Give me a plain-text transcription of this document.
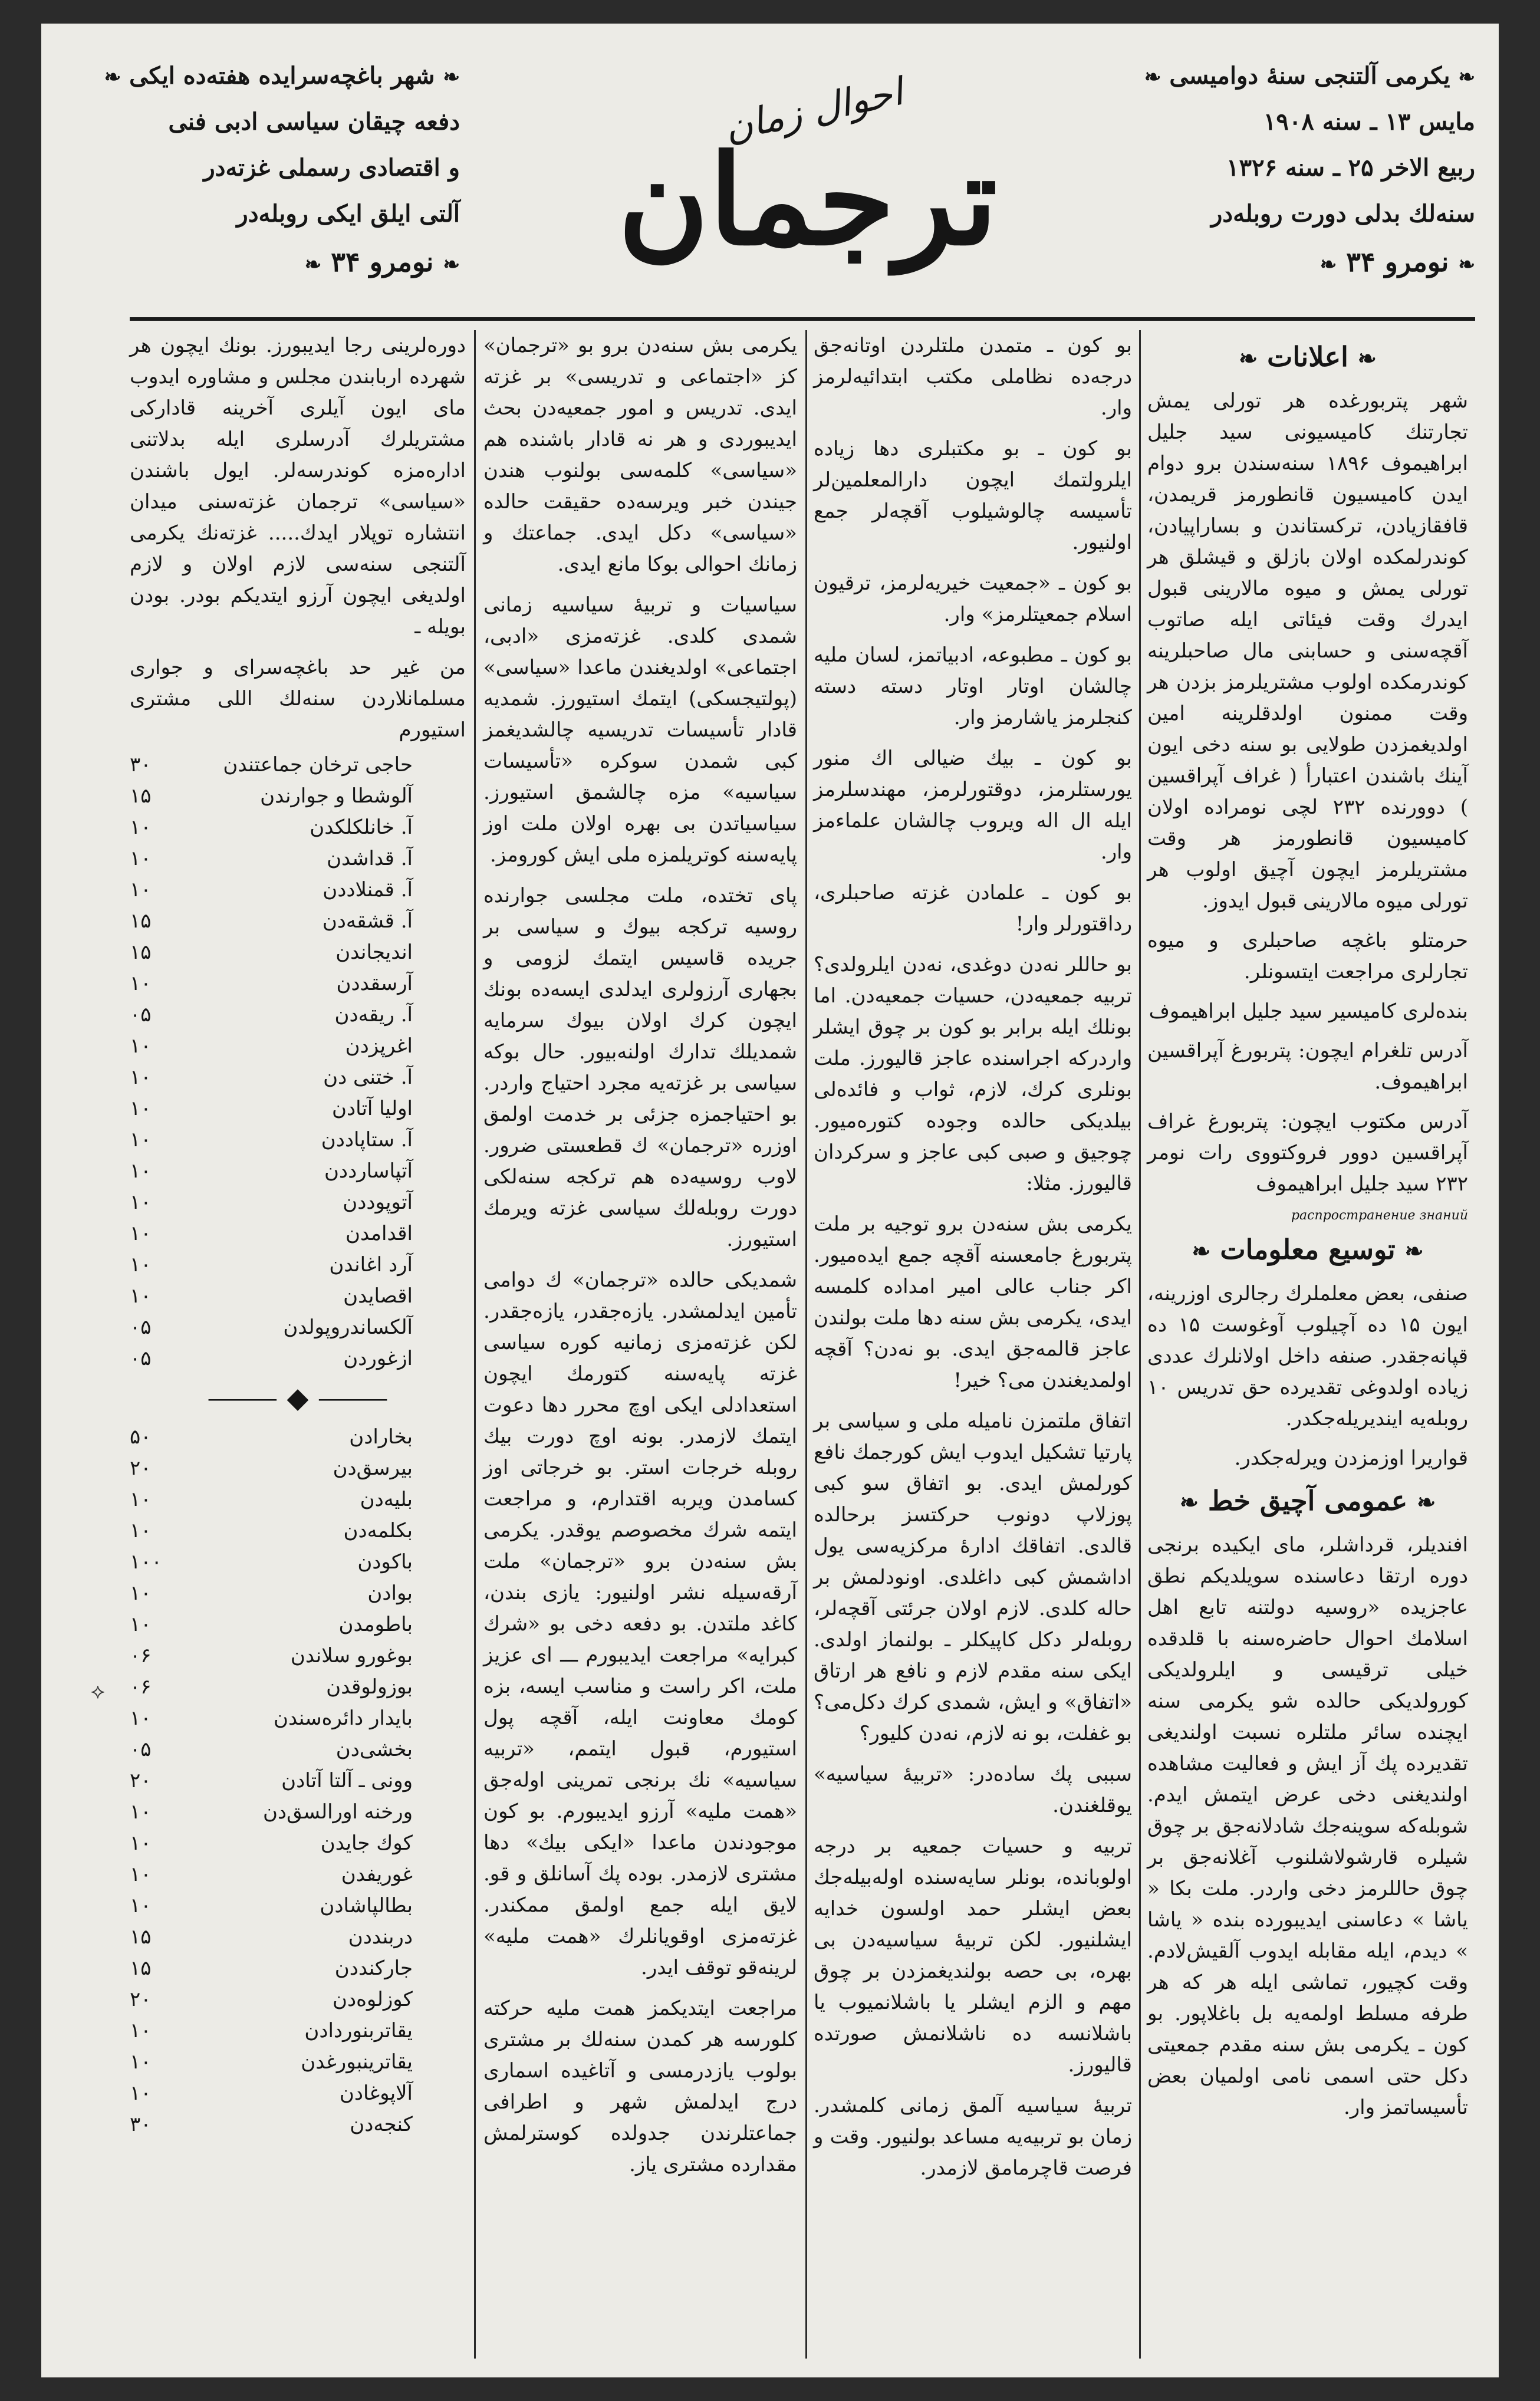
❧ یکرمی آلتنجی سنهٔ دوامیسی ❧
مایس ۱۳ ـ سنه ۱۹۰۸
ربیع الاخر ۲۵ ـ سنه ۱۳۲۶
سنه‌لك بدلی دورت روبله‌در
❧ نومرو ۳۴ ❧
احوال زمان
ترجمان
❧ شهر باغچه‌سرایده هفته‌ده ایکی ❧
دفعه چیقان سیاسی ادبی فنی
و اقتصادی رسملی غزته‌در
آلتی ایلق ایکی روبله‌در
❧ نومرو ۳۴ ❧
❧ اعلانات ❧

شهر پتربورغده هر تورلی یمش تجارتنك کامیسیونی سید جلیل ابراهیموف ۱۸۹۶ سنه‌سندن برو دوام ایدن کامیسیون قانطورمز قریمدن، قافقازیادن، ترکستاندن و بساراپیادن، کوندرلمکده اولان بازلق و قیشلق هر تورلی یمش و میوه مالارینی قبول ایدرك وقت فیئاتی ایله صاتوب آقچه‌سنی و حسابنی مال صاحبلرینه کوندرمکده اولوب مشتریلرمز بزدن هر وقت ممنون اولدقلرینه امین اولدیغمزدن طولایی بو سنه دخی ایون آینك باشندن اعتبارأ ( غراف آپراقسین ) دوورنده ۲۳۲ لچی نومراده اولان کامیسیون قانطورمز هر وقت مشتریلرمز ایچون آچیق اولوب هر تورلی میوه مالارینی قبول ایدوز.

حرمتلو باغچه صاحبلری و میوه تجارلری مراجعت ایتسونلر.

بنده‌لری کامیسیر سید جلیل ابراهیموف

آدرس تلغرام ایچون: پتربورغ آپراقسین ابراهیموف.

آدرس مکتوب ایچون: پتربورغ غراف آپراقسین دوور فروکتووی رات نومر ۲۳۲ سید جلیل ابراهیموف

распространение знаний
❧ توسیع معلومات ❧

صنفی، بعض معلملرك رجالری اوزرینه، ایون ۱۵ ده آچیلوب آوغوست ۱۵ ده قپانه‌جقدر. صنفه داخل اولانلرك عددی زیاده اولدوغی تقدیرده حق تدریس ۱۰ روبله‌یه ایندیریله‌جکدر.

قواریرا اوزمزدن ویرله‌جکدر.

❧ عمومی آچیق خط ❧

افندیلر، قرداشلر، مای ایکیده برنجی دوره ارتقا دعاسنده سویلدیکم نطق عاجزیده «روسیه دولتنه تابع اهل اسلامك احوال حاضره‌سنه با قلدقده خیلی ترقیسی و ایلرولدیکی کورولدیکی حالده شو یکرمی سنه ایچنده سائر ملتلره نسبت اولندیغی تقدیرده پك آز ایش و فعالیت مشاهده اولندیغنی دخی عرض ایتمش ایدم. شوبله‌که سوینه‌جك شادلانه‌جق بر چوق شیلره قارشولاشلنوب آغلانه‌جق بر چوق حاللرمز دخی واردر. ملت بکا « یاشا » دعاسنی ایدیبورده بنده « یاشا » دیدم، ایله مقابله ایدوب آلقیش‌لادم. وقت کچیور، تماشی ایله هر که هر طرفه مسلط اولمه‌یه بل باغلاپور. بو کون ـ یکرمی بش سنه مقدم جمعیتی دکل حتی اسمی نامی اولمیان بعض تأسیساتمز وار.

بو کون ـ متمدن ملتلردن اوتانه‌جق درجه‌ده نظاملی مکتب ابتدائیه‌لرمز وار.

بو کون ـ بو مکتبلری دها زیاده ایلرولتمك ایچون دارالمعلمین‌لر تأسیسه چالوشیلوب آقچه‌لر جمع اولنیور.

بو کون ـ «جمعیت خیریه‌لرمز، ترقیون اسلام جمعیتلرمز» وار.

بو کون ـ مطبوعه، ادبیاتمز، لسان ملیه چالشان اوتار اوتار دسته دسته کنجلرمز یاشارمز وار.

بو کون ـ بیك ضیالی اك منور یورستلرمز، دوقتورلرمز، مهندسلرمز ایله ال اله ویروب چالشان علماء‌مز وار.

بو کون ـ علمادن غزته صاحبلری، رداقتورلر وار!

بو حاللر نه‌دن دوغدی، نه‌دن ایلرولدی؟ تربیه جمعیه‌دن، حسیات جمعیه‌دن. اما بونلك ایله برابر بو کون بر چوق ایشلر واردرکه اجراسنده عاجز قالیورز. ملت بونلری کرك، لازم، ثواب و فائده‌لی بیلدیکی حالده وجوده کتوره‌میور. چوجیق و صبی کبی عاجز و سرکردان قالیورز. مثلا:

یکرمی بش سنه‌دن برو توجیه بر ملت پتربورغ جامعسنه آقچه جمع ایده‌میور. اکر جناب عالی امیر امداده کلمسه ایدی، یکرمی بش سنه دها ملت بولندن عاجز قالمه‌جق ایدی. بو نه‌دن؟ آقچه اولمدیغندن می؟ خیر!

اتفاق ملتمزن نامیله ملی و سیاسی بر پارتیا تشکیل ایدوب ایش کورجمك نافع کورلمش ایدی. بو اتفاق سو کبی پوزلاپ دونوب حرکتسز برحالده قالدی. اتفاقك ادارهٔ مرکزیه‌سی یول اداشمش کبی داغلدی. اونودلمش بر حاله کلدی. لازم اولان جرئتی آقچه‌لر، روبله‌لر دکل کاپیکلر ـ بولنماز اولدی. ایکی سنه مقدم لازم و نافع هر ارتاق «اتفاق» و ایش، شمدی کرك دکل‌می؟ بو غفلت، بو نه لازم، نه‌دن کلیور؟

سببی پك ساده‌در: «تربیهٔ سیاسیه» یوقلغندن.

تربیه و حسیات جمعیه بر درجه اولوبانده، بونلر سایه‌سنده اوله‌بیله‌جك بعض ایشلر حمد اولسون خدایه ایشلنیور. لکن تربیهٔ سیاسیه‌دن بی بهره، بی حصه بولندیغمزدن بر چوق مهم و الزم ایشلر یا باشلانمیوب یا باشلانسه ده ناشلانمش صورتده قالیورز.

تربیهٔ سیاسیه آلمق زمانی کلمشدر. زمان بو تربیه‌یه مساعد بولنیور. وقت و فرصت قاچرمامق لازمدر.

یکرمی بش سنه‌دن برو بو «ترجمان» کز «اجتماعی و تدریسی» بر غزته ایدی. تدریس و امور جمعیه‌دن بحث ایدیبوردی و هر نه قادار باشنده هم «سیاسی» کلمه‌سی بولنوب هندن جیندن خبر ویرسه‌ده حقیقت حالده «سیاسی» دکل ایدی. جماعتك و زمانك احوالی بوکا مانع ایدی.

سیاسیات و تربیهٔ سیاسیه زمانی شمدی کلدی. غزته‌مزی «ادبی، اجتماعی» اولدیغندن ماعدا «سیاسی» (پولتیجسکی) ایتمك استیورز. شمدیه قادار تأسیسات تدریسیه چالشدیغمز کبی شمدن سوکره «تأسیسات سیاسیه» مزه چالشمق استیورز. سیاسیاتدن بی بهره اولان ملت اوز پایه‌سنه کوتریلمزه ملی ایش کورومز.

پای تختده، ملت مجلسی جوارنده روسیه ترکجه بیوك و سیاسی بر جریده قاسیس ایتمك لزومی و بجهاری آرزولری ایدلدی ایسه‌ده بونك ایچون کرك اولان بیوك سرمایه شمدیلك تدارك اولنه‌بیور. حال بوکه سیاسی بر غزته‌یه مجرد احتیاج واردر. بو احتیاجمزه جزئی بر خدمت اولمق اوزره «ترجمان» ك قطعستی ضرور. لاوب روسیه‌ده هم ترکجه سنه‌لکی دورت روبله‌لك سیاسی غزته ویرمك استیورز.

شمدیکی حالده «ترجمان» ك دوامی تأمین ایدلمشدر. یازه‌جقدر، یازه‌جقدر. لکن غزته‌مزی زمانیه کوره سیاسی غزته پایه‌سنه کتورمك ایچون استعدادلی ایکی اوچ محرر دها دعوت ایتمك لازمدر. بونه اوچ دورت بیك روبله خرجات استر. بو خرجاتی اوز کسامدن ویربه اقتدارم، و مراجعت ایتمه شرك مخصوصم یوقدر. یکرمی بش سنه‌دن برو «ترجمان» ملت آرقه‌سیله نشر اولنیور: یازی بندن، کاغد ملتدن. بو دفعه دخی بو «شرك کبرایه» مراجعت ایدیبورم ـــ ای عزیز ملت، اکر راست و مناسب ایسه، بزه کومك معاونت ایله، آقچه پول استیورم، قبول ایتمم، «تربیه سیاسیه» نك برنجی تمرینی اوله‌جق «همت ملیه» آرزو ایدیبورم. بو کون موجودندن ماعدا «ایکی بیك» دها مشتری لازمدر. بوده پك آسانلق و قو. لایق ایله جمع اولمق ممکندر. غزته‌مزی اوقویانلرك «همت ملیه» لرینه‌قو توقف ایدر.

مراجعت ایتدیکمز همت ملیه حرکته کلورسه هر کمدن سنه‌لك بر مشتری بولوب یازدرمسی و آتاغیده اسماری درج ایدلمش شهر و اطرافی جماعتلرندن جدولده کوسترلمش مقدارده مشتری یاز.

دوره‌لرینی رجا ایدیبورز. بونك ایچون هر شهرده اربابندن مجلس و مشاوره ایدوب مای ایون آیلری آخرینه قادارکی مشتریلرك آدرسلری ایله بدلاتنی اداره‌مزه کوندرسه‌لر. ایول باشندن «سیاسی» ترجمان غزته‌سنی میدان انتشاره توپلار ایدك..... غزته‌نك یکرمی آلتنجی سنه‌سی لازم اولان و لازم اولدیغی ایچون آرزو ایتدیکم بودر. بودن بویله ـ

من غیر حد باغچه‌سرای و جواری مسلمانلاردن سنه‌لك اللی مشتری استیورم
حاجی ترخان جماعتندن
۳۰
آلوشطا و جوارندن
۱۵
آ. خانلکلکدن
۱۰
آ. قداشدن
۱۰
آ. قمنلاددن
۱۰
آ. قشقه‌دن
۱۵
اندیجاندن
۱۵
آرسقددن
۱۰
آ. ریقه‌دن
۰۵
اغرپزدن
۱۰
آ. ختنی دن
۱۰
اولیا آتادن
۱۰
آ. ستاپاددن
۱۰
آتپاسارددن
۱۰
آتوپوددن
۱۰
اقدامدن
۱۰
آرد اغاندن
۱۰
اقصایدن
۱۰
آلکساندروپولدن
۰۵
ازغوردن
۰۵
⸻ ◆ ⸻
بخارادن
۵۰
بیرسق‌دن
۲۰
بلیه‌دن
۱۰
بکلمه‌دن
۱۰
باکودن
۱۰۰
بوادن
۱۰
باطومدن
۱۰
بوغورو سلاندن
۰۶
بوزولوقدن
۰۶
بایدار دائره‌سندن
۱۰
بخشی‌دن
۰۵
وونی ـ آلتا آتادن
۲۰
ورخنه اورالسق‌دن
۱۰
کوك جایدن
۱۰
غوریفدن
۱۰
بطالپاشادن
۱۰
دربنددن
۱۵
جارکنددن
۱۵
کوزلوه‌دن
۲۰
یقاتربنوردادن
۱۰
یقاترینبورغدن
۱۰
آلاپوغادن
۱۰
کنجه‌دن
۳۰
⟡
